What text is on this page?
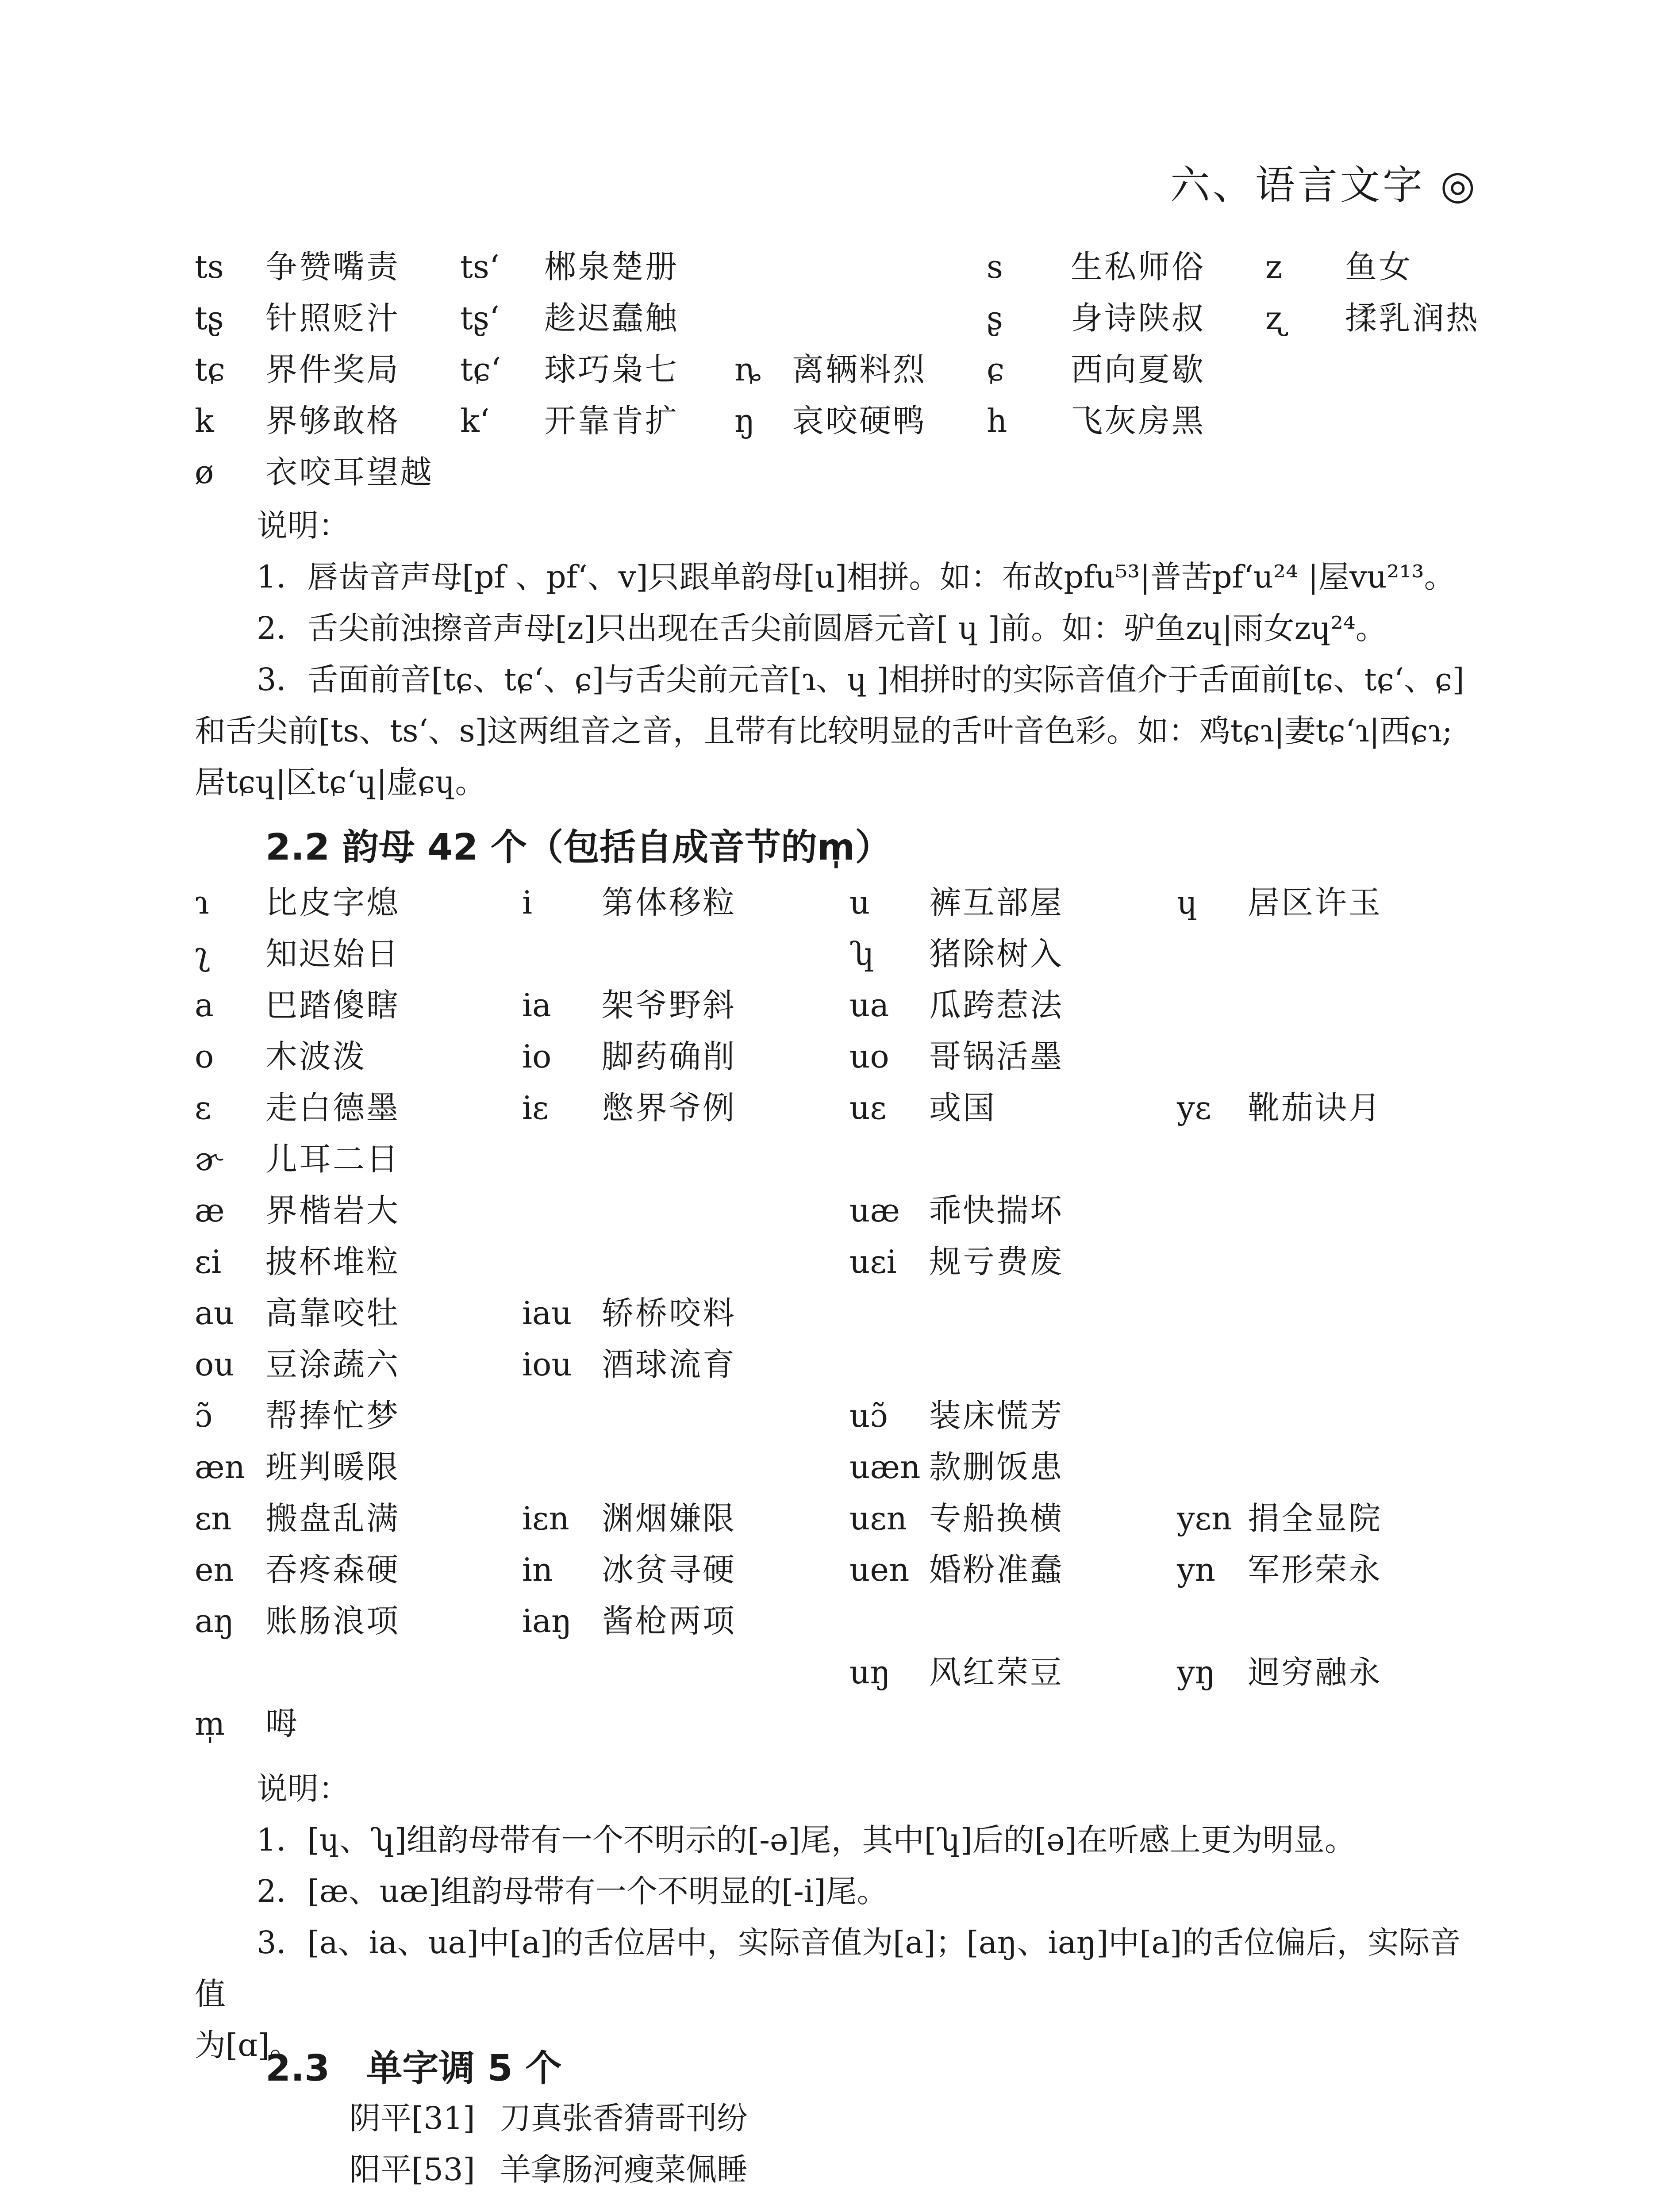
六、语言文字 ◎
ts 争赞嘴责 tsʻ 郴泉楚册	s 生私师俗 z 鱼女
tʂ 针照贬汁 tʂʻ 趁迟蠢触	ʂ 身诗陕叔 ʐ 揉乳润热
tɕ 界件奖局 tɕʻ 球巧枭七 ȵ 离辆料烈 ɕ 西向夏歇
k 界够敢格 kʻ 开靠肯扩 ŋ 哀咬硬鸭 h 飞灰房黑
ø 衣咬耳望越

说明：

1．唇齿音声母[pf 、pfʻ、v]只跟单韵母[u]相拼。如：布故pfu⁵³|普苦pfʻu²⁴ |屋vu²¹³。

2．舌尖前浊擦音声母[z]只出现在舌尖前圆唇元音[ ɥ ]前。如：驴鱼zɥ|雨女zɥ²⁴。

3．舌面前音[tɕ、tɕʻ、ɕ]与舌尖前元音[ɿ、ɥ ]相拼时的实际音值介于舌面前[tɕ、tɕʻ、ɕ]

和舌尖前[ts、tsʻ、s]这两组音之音，且带有比较明显的舌叶音色彩。如：鸡tɕɿ|妻tɕʻɿ|西ɕɿ;

居tɕɥ|区tɕʻɥ|虚ɕɥ。

2.2 韵母 42 个（包括自成音节的m̩）
ɿ 比皮字熄	i 第体移粒	u 裤互部屋	ɥ 居区许玉
ʅ 知迟始日	ʮ 猪除树入
a 巴踏傻瞎	ia 架爷野斜	ua 瓜跨惹法
o 木波泼	io 脚药确削	uo 哥锅活墨
ɛ 走白德墨	iɛ 憋界爷例	uɛ 或国	yɛ 靴茄诀月
ɚ 儿耳二日
æ 界楷岩大	uæ 乖快揣坏
ɛi 披杯堆粒	uɛi 规亏费废
au 高靠咬牡	iau 轿桥咬料
ou 豆涂蔬六	iou 酒球流育
ɔ̃ 帮捧忙梦	uɔ̃ 装床慌芳
æn 班判暖限	uæn 款删饭患
ɛn 搬盘乱满	iɛn 渊烟嫌限	uɛn 专船换横	yɛn 捐全显院
en 吞疼森硬	in 冰贫寻硬	uen 婚粉准蠢	yn 军形荣永
aŋ 账肠浪项	iaŋ 酱枪两项
uŋ 风红荣豆	yŋ 迥穷融永
m̩ 呣

说明：

1．[ɥ、ʮ]组韵母带有一个不明示的[-ə]尾，其中[ʮ]后的[ə]在听感上更为明显。

2．[æ、uæ]组韵母带有一个不明显的[-i]尾。

3．[a、ia、ua]中[a]的舌位居中，实际音值为[a]；[aŋ、iaŋ]中[a]的舌位偏后，实际音值

为[ɑ]。

2.3　单字调 5 个
阴平[31] 刀真张香猜哥刊纷
阳平[53] 羊拿肠河瘦菜佩睡
